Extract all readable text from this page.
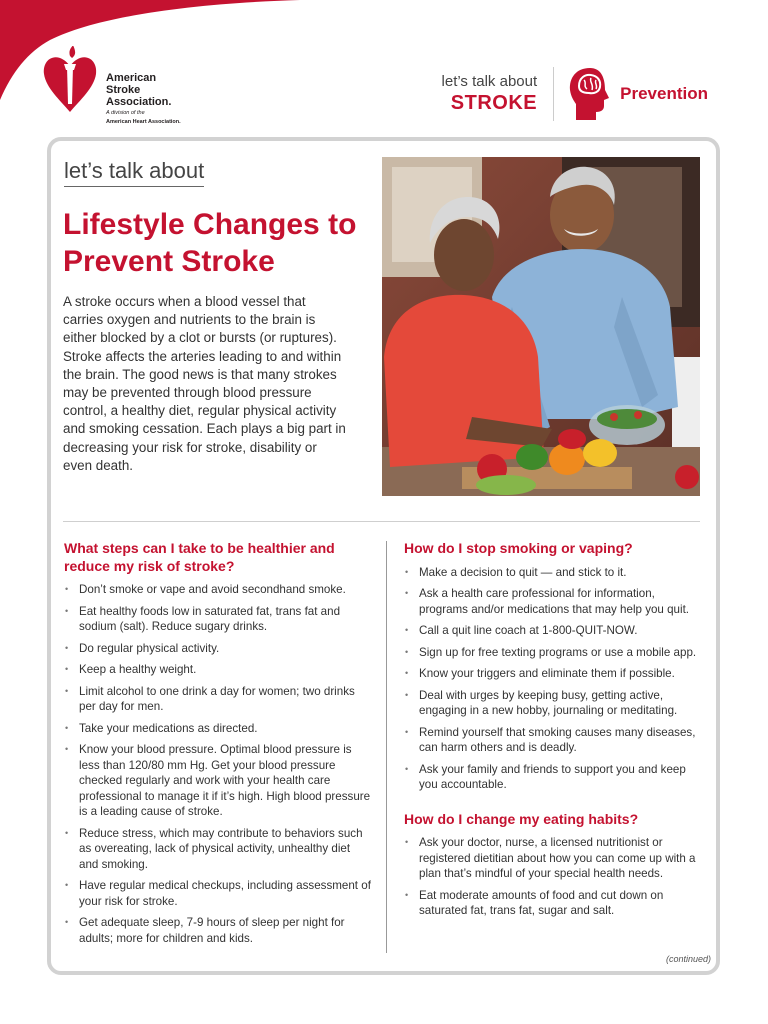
American
Stroke
Association.
A division of the
American Heart Association.
let’s talk about
STROKE	Prevention
let’s talk about
Lifestyle Changes to Prevent Stroke

A stroke occurs when a blood vessel that carries oxygen and nutrients to the brain is either blocked by a clot or bursts (or ruptures). Stroke affects the arteries leading to and within the brain. The good news is that many strokes may be prevented through blood pressure control, a healthy diet, regular physical activity and smoking cessation. Each plays a big part in decreasing your risk for stroke, disability or even death.

What steps can I take to be healthier and reduce my risk of stroke?
• Don’t smoke or vape and avoid secondhand smoke.
• Eat healthy foods low in saturated fat, trans fat and sodium (salt). Reduce sugary drinks.
• Do regular physical activity.
• Keep a healthy weight.
• Limit alcohol to one drink a day for women; two drinks per day for men.
• Take your medications as directed.
• Know your blood pressure. Optimal blood pressure is less than 120/80 mm Hg. Get your blood pressure checked regularly and work with your health care professional to manage it if it’s high. High blood pressure is a leading cause of stroke.
• Reduce stress, which may contribute to behaviors such as overeating, lack of physical activity, unhealthy diet and smoking.
• Have regular medical checkups, including assessment of your risk for stroke.
• Get adequate sleep, 7-9 hours of sleep per night for adults; more for children and kids.
How do I stop smoking or vaping?
• Make a decision to quit — and stick to it.
• Ask a health care professional for information, programs and/or medications that may help you quit.
• Call a quit line coach at 1-800-QUIT-NOW.
• Sign up for free texting programs or use a mobile app.
• Know your triggers and eliminate them if possible.
• Deal with urges by keeping busy, getting active, engaging in a new hobby, journaling or meditating.
• Remind yourself that smoking causes many diseases, can harm others and is deadly.
• Ask your family and friends to support you and keep you accountable.
How do I change my eating habits?
• Ask your doctor, nurse, a licensed nutritionist or registered dietitian about how you can come up with a plan that’s mindful of your special health needs.
• Eat moderate amounts of food and cut down on saturated fat, trans fat, sugar and salt.
(continued)
